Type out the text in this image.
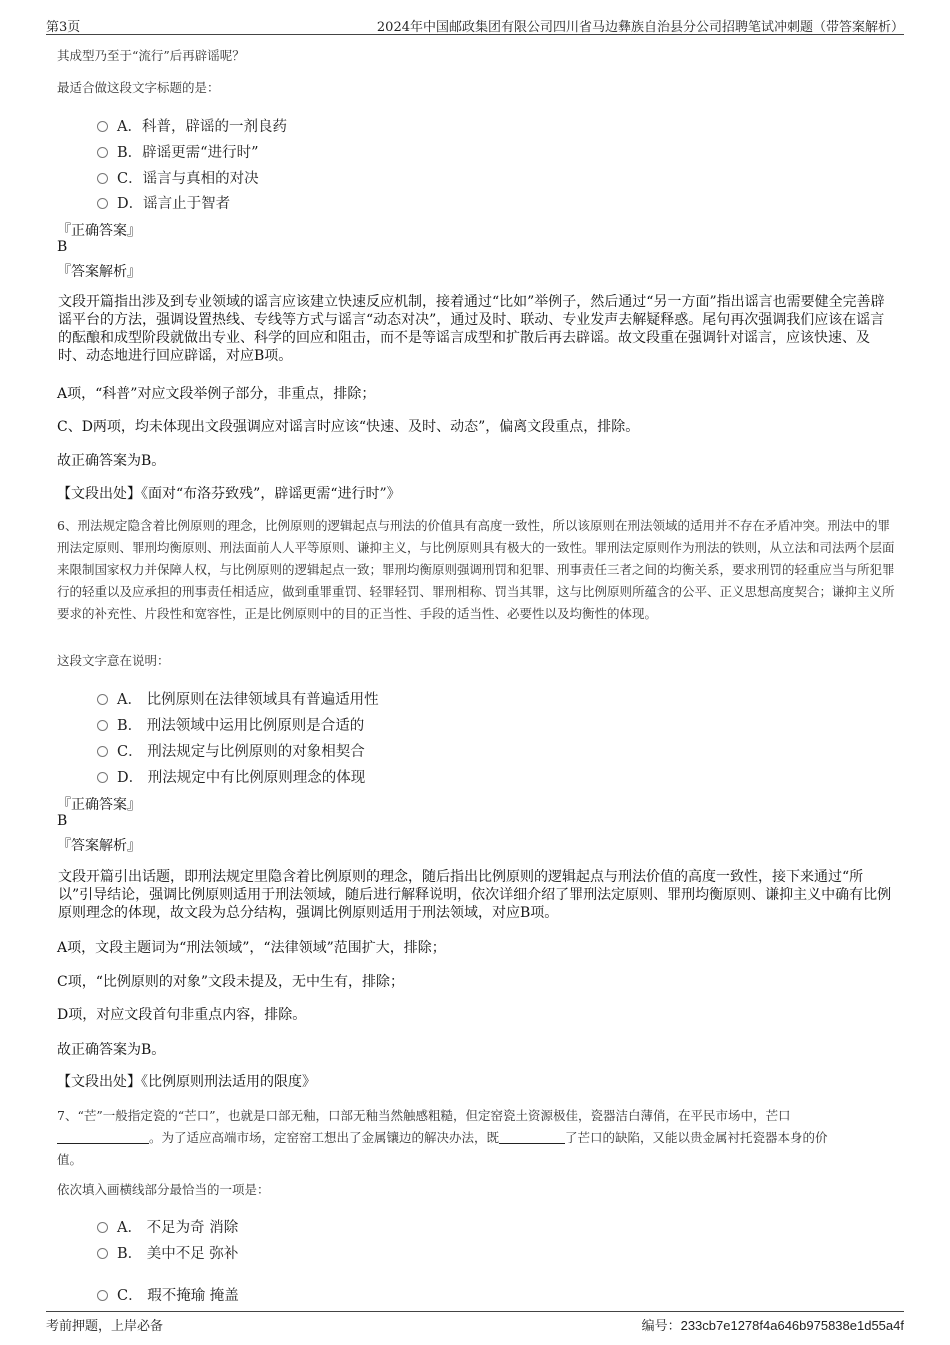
第3页	2024年中国邮政集团有限公司四川省马边彝族自治县分公司招聘笔试冲刺题（带答案解析）
其成型乃至于“流行”后再辟谣呢？
最适合做这段文字标题的是：
A．科普，辟谣的一剂良药
B．辟谣更需“进行时”
C．谣言与真相的对决
D．谣言止于智者
『正确答案』
B
『答案解析』
文段开篇指出涉及到专业领域的谣言应该建立快速反应机制，接着通过“比如”举例子，然后通过“另一方面”指出谣言也需要健全完善辟谣平台的方法，强调设置热线、专线等方式与谣言“动态对决”，通过及时、联动、专业发声去解疑释惑。尾句再次强调我们应该在谣言的酝酿和成型阶段就做出专业、科学的回应和阻击，而不是等谣言成型和扩散后再去辟谣。故文段重在强调针对谣言，应该快速、及时、动态地进行回应辟谣，对应B项。
A项，“科普”对应文段举例子部分，非重点，排除；
C、D两项，均未体现出文段强调应对谣言时应该“快速、及时、动态”，偏离文段重点，排除。
故正确答案为B。
【文段出处】《面对“布洛芬致残”，辟谣更需“进行时”》
6、刑法规定隐含着比例原则的理念，比例原则的逻辑起点与刑法的价值具有高度一致性，所以该原则在刑法领域的适用并不存在矛盾冲突。刑法中的罪刑法定原则、罪刑均衡原则、刑法面前人人平等原则、谦抑主义，与比例原则具有极大的一致性。罪刑法定原则作为刑法的铁则，从立法和司法两个层面来限制国家权力并保障人权，与比例原则的逻辑起点一致；罪刑均衡原则强调刑罚和犯罪、刑事责任三者之间的均衡关系，要求刑罚的轻重应当与所犯罪行的轻重以及应承担的刑事责任相适应，做到重罪重罚、轻罪轻罚、罪刑相称、罚当其罪，这与比例原则所蕴含的公平、正义思想高度契合；谦抑主义所要求的补充性、片段性和宽容性，正是比例原则中的目的正当性、手段的适当性、必要性以及均衡性的体现。
这段文字意在说明：
A． 比例原则在法律领域具有普遍适用性
B． 刑法领域中运用比例原则是合适的
C． 刑法规定与比例原则的对象相契合
D． 刑法规定中有比例原则理念的体现
『正确答案』
B
『答案解析』
文段开篇引出话题，即刑法规定里隐含着比例原则的理念，随后指出比例原则的逻辑起点与刑法价值的高度一致性，接下来通过“所以”引导结论，强调比例原则适用于刑法领域，随后进行解释说明，依次详细介绍了罪刑法定原则、罪刑均衡原则、谦抑主义中确有比例原则理念的体现，故文段为总分结构，强调比例原则适用于刑法领域，对应B项。
A项，文段主题词为“刑法领域”，“法律领域”范围扩大，排除；
C项，“比例原则的对象”文段未提及，无中生有，排除；
D项，对应文段首句非重点内容，排除。
故正确答案为B。
【文段出处】《比例原则刑法适用的限度》
7、“芒”一般指定瓷的“芒口”，也就是口部无釉，口部无釉当然触感粗糙，但定窑瓷土资源极佳，瓷器洁白薄俏，在平民市场中，芒口
。为了适应高端市场，定窑窑工想出了金属镶边的解决办法，既	了芒口的缺陷，又能以贵金属衬托瓷器本身的价
值。
依次填入画横线部分最恰当的一项是：
A． 不足为奇 消除
B． 美中不足 弥补
C． 瑕不掩瑜 掩盖
考前押题，上岸必备	编号：233cb7e1278f4a646b975838e1d55a4f
